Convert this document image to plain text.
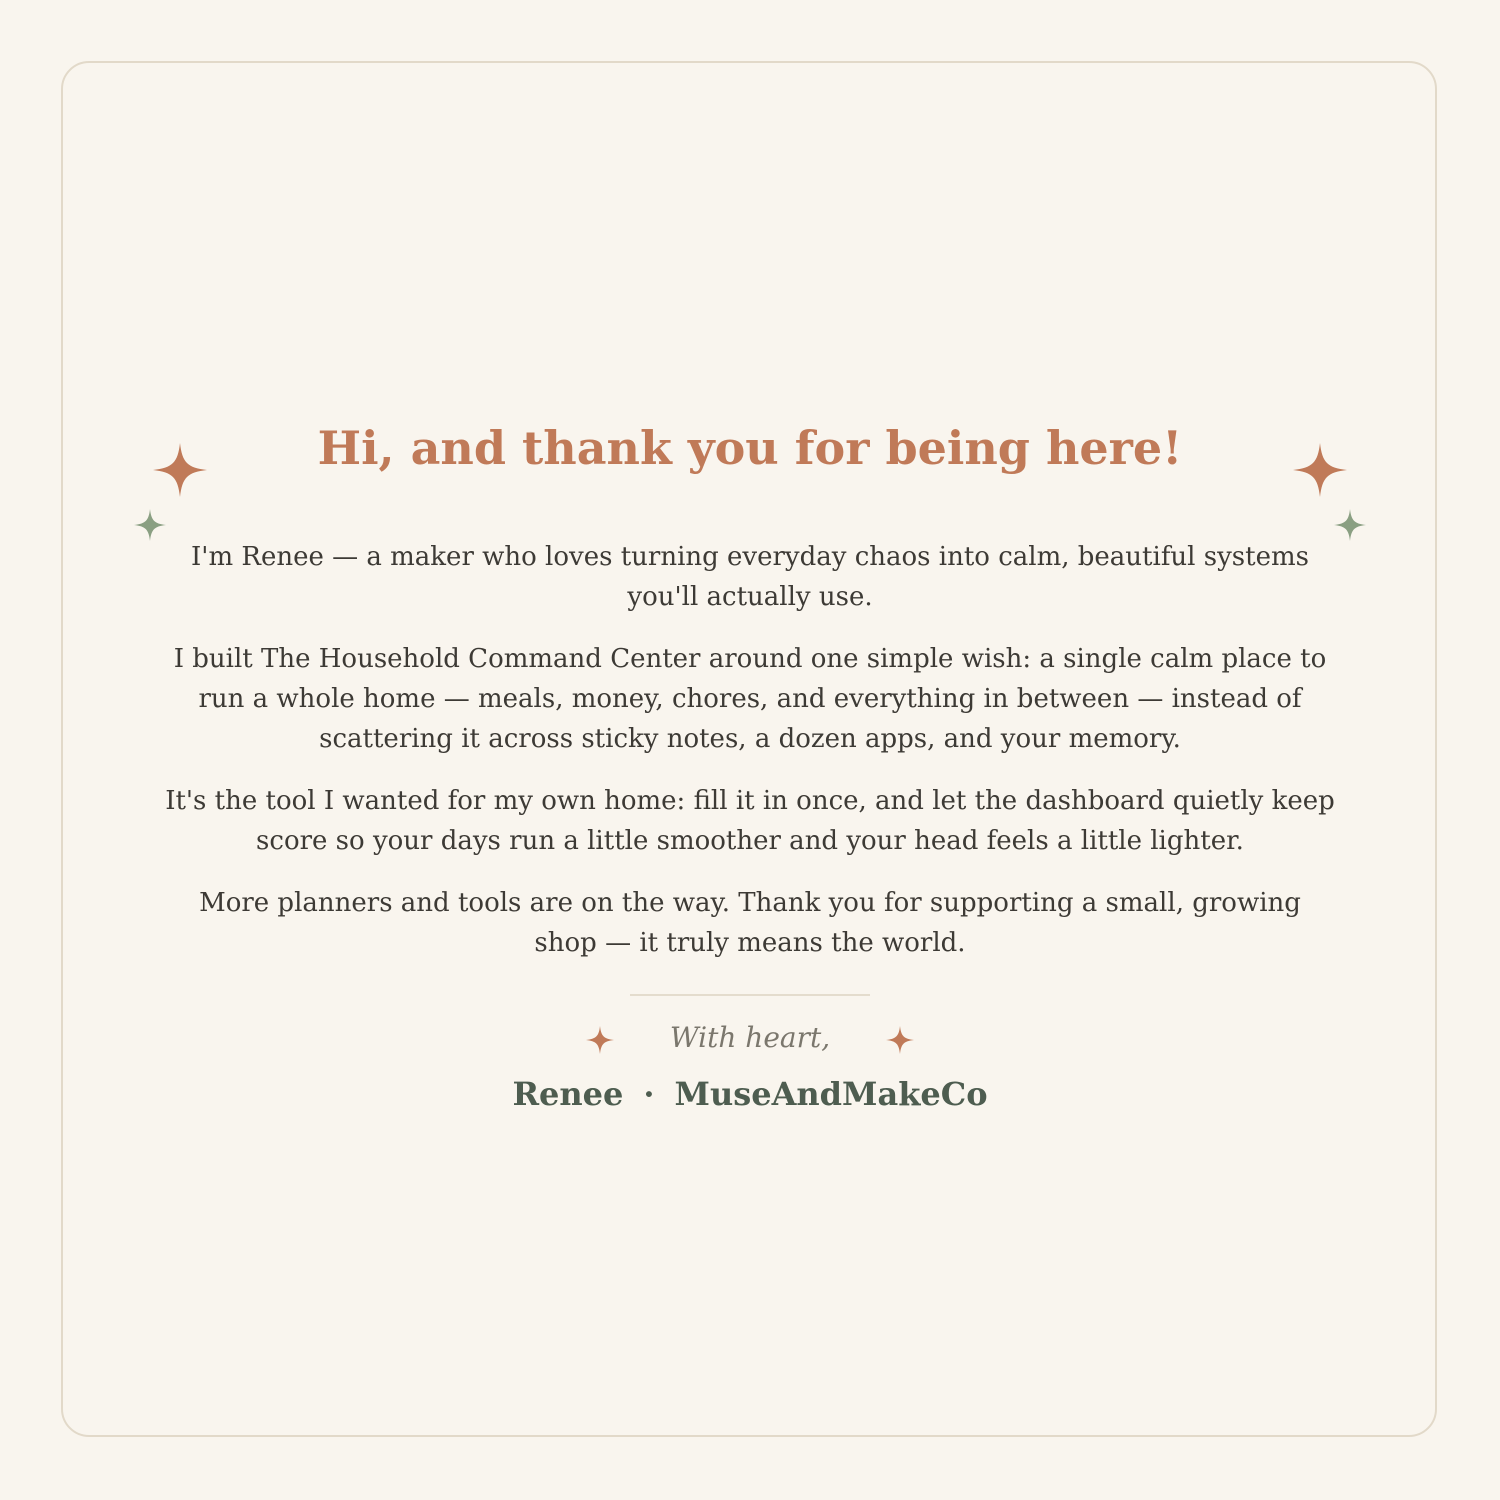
Hi, and thank you for being here!

I'm Renee — a maker who loves turning everyday chaos into calm, beautiful systems you'll actually use.

I built The Household Command Center around one simple wish: a single calm place to run a whole home — meals, money, chores, and everything in between — instead of scattering it across sticky notes, a dozen apps, and your memory.

It's the tool I wanted for my own home: fill it in once, and let the dashboard quietly keep score so your days run a little smoother and your head feels a little lighter.

More planners and tools are on the way. Thank you for supporting a small, growing shop — it truly means the world.

With heart,
Renee · MuseAndMakeCo
